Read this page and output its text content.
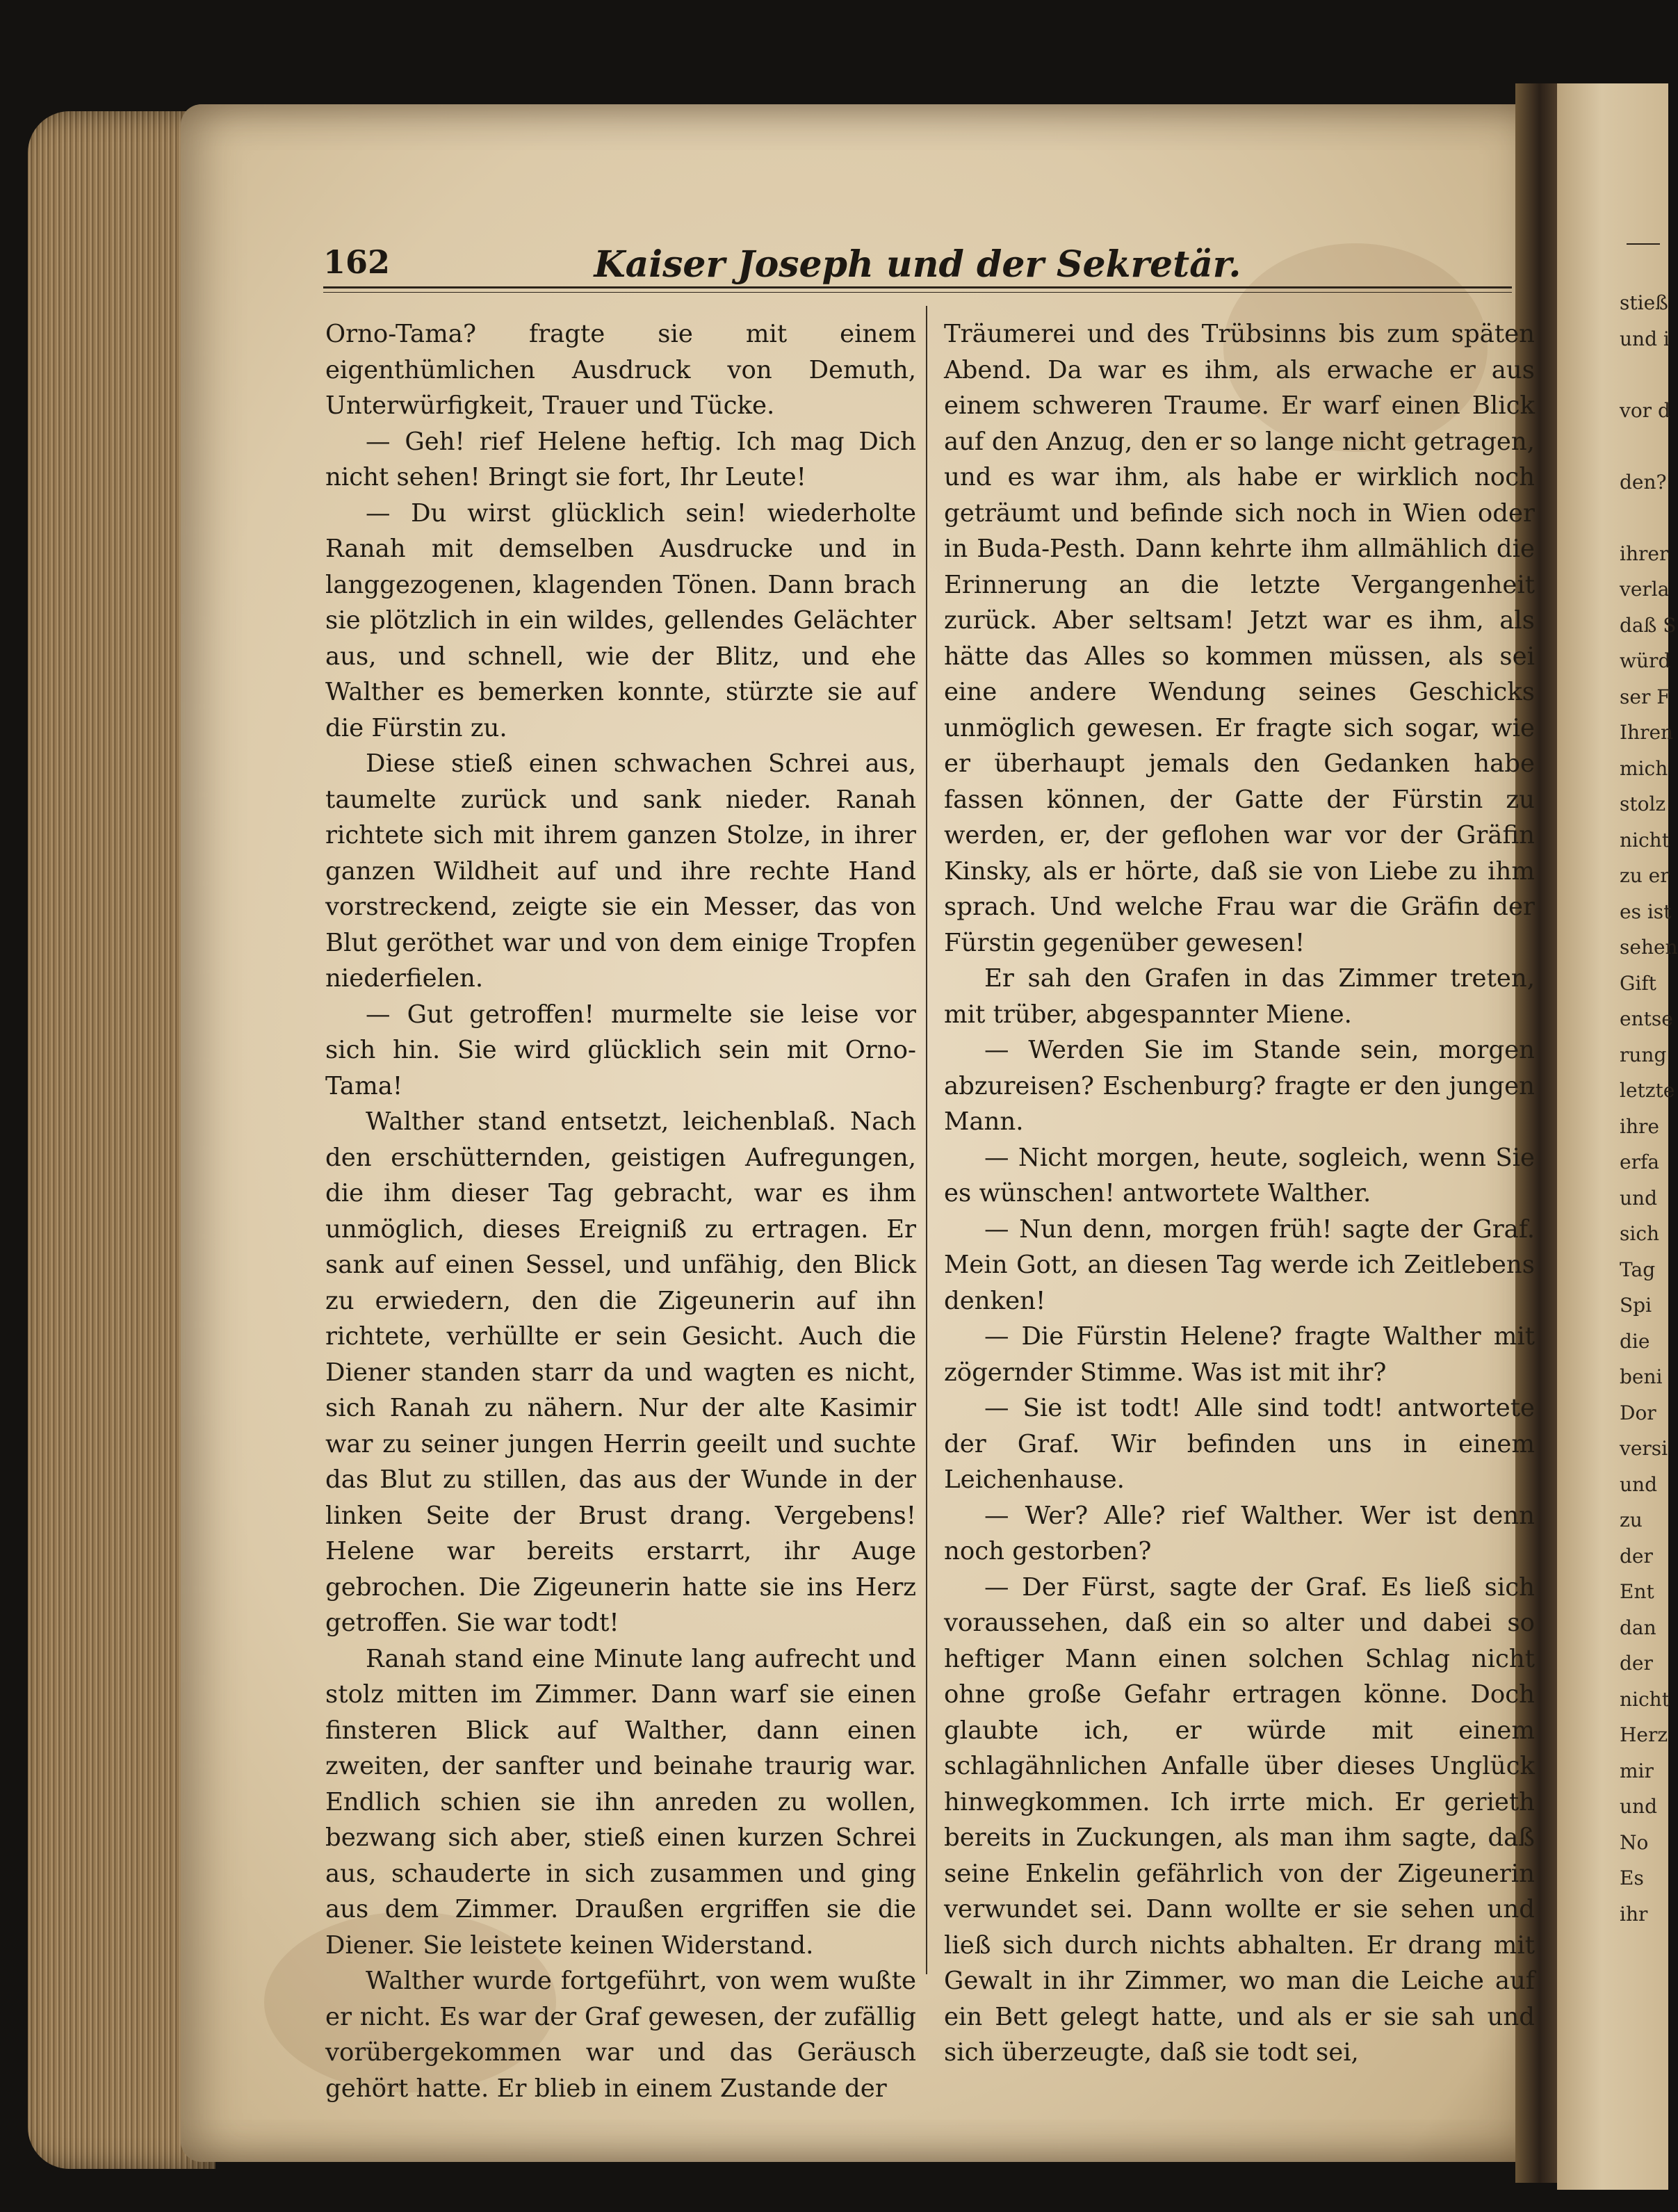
Kaiser Joseph und der Sekretär.
162

Orno-Tama? fragte sie mit einem eigenthümlichen Ausdruck von Demuth, Unterwürfigkeit, Trauer und Tücke.

— Geh! rief Helene heftig. Ich mag Dich nicht sehen! Bringt sie fort, Ihr Leute!

— Du wirst glücklich sein! wiederholte Ranah mit demselben Ausdrucke und in langgezogenen, klagenden Tönen. Dann brach sie plötzlich in ein wildes, gellendes Gelächter aus, und schnell, wie der Blitz, und ehe Walther es bemerken konnte, stürzte sie auf die Fürstin zu.

Diese stieß einen schwachen Schrei aus, taumelte zurück und sank nieder. Ranah richtete sich mit ihrem ganzen Stolze, in ihrer ganzen Wildheit auf und ihre rechte Hand vorstreckend, zeigte sie ein Messer, das von Blut geröthet war und von dem einige Tropfen niederfielen.

— Gut getroffen! murmelte sie leise vor sich hin. Sie wird glücklich sein mit Orno-Tama!

Walther stand entsetzt, leichenblaß. Nach den erschütternden, geistigen Aufregungen, die ihm dieser Tag gebracht, war es ihm unmöglich, dieses Ereigniß zu ertragen. Er sank auf einen Sessel, und unfähig, den Blick zu erwiedern, den die Zigeunerin auf ihn richtete, verhüllte er sein Gesicht. Auch die Diener standen starr da und wagten es nicht, sich Ranah zu nähern. Nur der alte Kasimir war zu seiner jungen Herrin geeilt und suchte das Blut zu stillen, das aus der Wunde in der linken Seite der Brust drang. Vergebens! Helene war bereits erstarrt, ihr Auge gebrochen. Die Zigeunerin hatte sie ins Herz getroffen. Sie war todt!

Ranah stand eine Minute lang aufrecht und stolz mitten im Zimmer. Dann warf sie einen finsteren Blick auf Walther, dann einen zweiten, der sanfter und beinahe traurig war. Endlich schien sie ihn anreden zu wollen, bezwang sich aber, stieß einen kurzen Schrei aus, schauderte in sich zusammen und ging aus dem Zimmer. Draußen ergriffen sie die Diener. Sie leistete keinen Widerstand.

Walther wurde fortgeführt, von wem wußte er nicht. Es war der Graf gewesen, der zufällig vorübergekommen war und das Geräusch gehört hatte. Er blieb in einem Zustande der

Träumerei und des Trübsinns bis zum späten Abend. Da war es ihm, als erwache er aus einem schweren Traume. Er warf einen Blick auf den Anzug, den er so lange nicht getragen, und es war ihm, als habe er wirklich noch geträumt und befinde sich noch in Wien oder in Buda-Pesth. Dann kehrte ihm allmählich die Erinnerung an die letzte Vergangenheit zurück. Aber seltsam! Jetzt war es ihm, als hätte das Alles so kommen müssen, als sei eine andere Wendung seines Geschicks unmöglich gewesen. Er fragte sich sogar, wie er überhaupt jemals den Gedanken habe fassen können, der Gatte der Fürstin zu werden, er, der geflohen war vor der Gräfin Kinsky, als er hörte, daß sie von Liebe zu ihm sprach. Und welche Frau war die Gräfin der Fürstin gegenüber gewesen!

Er sah den Grafen in das Zimmer treten, mit trüber, abgespannter Miene.

— Werden Sie im Stande sein, morgen abzureisen? Eschenburg? fragte er den jungen Mann.

— Nicht morgen, heute, sogleich, wenn Sie es wünschen! antwortete Walther.

— Nun denn, morgen früh! sagte der Graf. Mein Gott, an diesen Tag werde ich Zeitlebens denken!

— Die Fürstin Helene? fragte Walther mit zögernder Stimme. Was ist mit ihr?

— Sie ist todt! Alle sind todt! antwortete der Graf. Wir befinden uns in einem Leichenhause.

— Wer? Alle? rief Walther. Wer ist denn noch gestorben?

— Der Fürst, sagte der Graf. Es ließ sich voraussehen, daß ein so alter und dabei so heftiger Mann einen solchen Schlag nicht ohne große Gefahr ertragen könne. Doch glaubte ich, er würde mit einem schlagähnlichen Anfalle über dieses Unglück hinwegkommen. Ich irrte mich. Er gerieth bereits in Zuckungen, als man ihm sagte, daß seine Enkelin gefährlich von der Zigeunerin verwundet sei. Dann wollte er sie sehen und ließ sich durch nichts abhalten. Er drang mit Gewalt in ihr Zimmer, wo man die Leiche auf ein Bett gelegt hatte, und als er sie sah und sich überzeugte, daß sie todt sei,

stieß
und i
vor d
den?
ihrer
verla
daß S
würd
ser F
Ihren
mich
stolz
nicht
zu er
es ist
sehen
Gift
entse
rung
letzte
ihre
erfa
und
sich
Tag
Spi
die
beni
Dor
versi
und
zu
der
Ent
dan
der
nicht
Herz
mir
und
No
Es
ihr
